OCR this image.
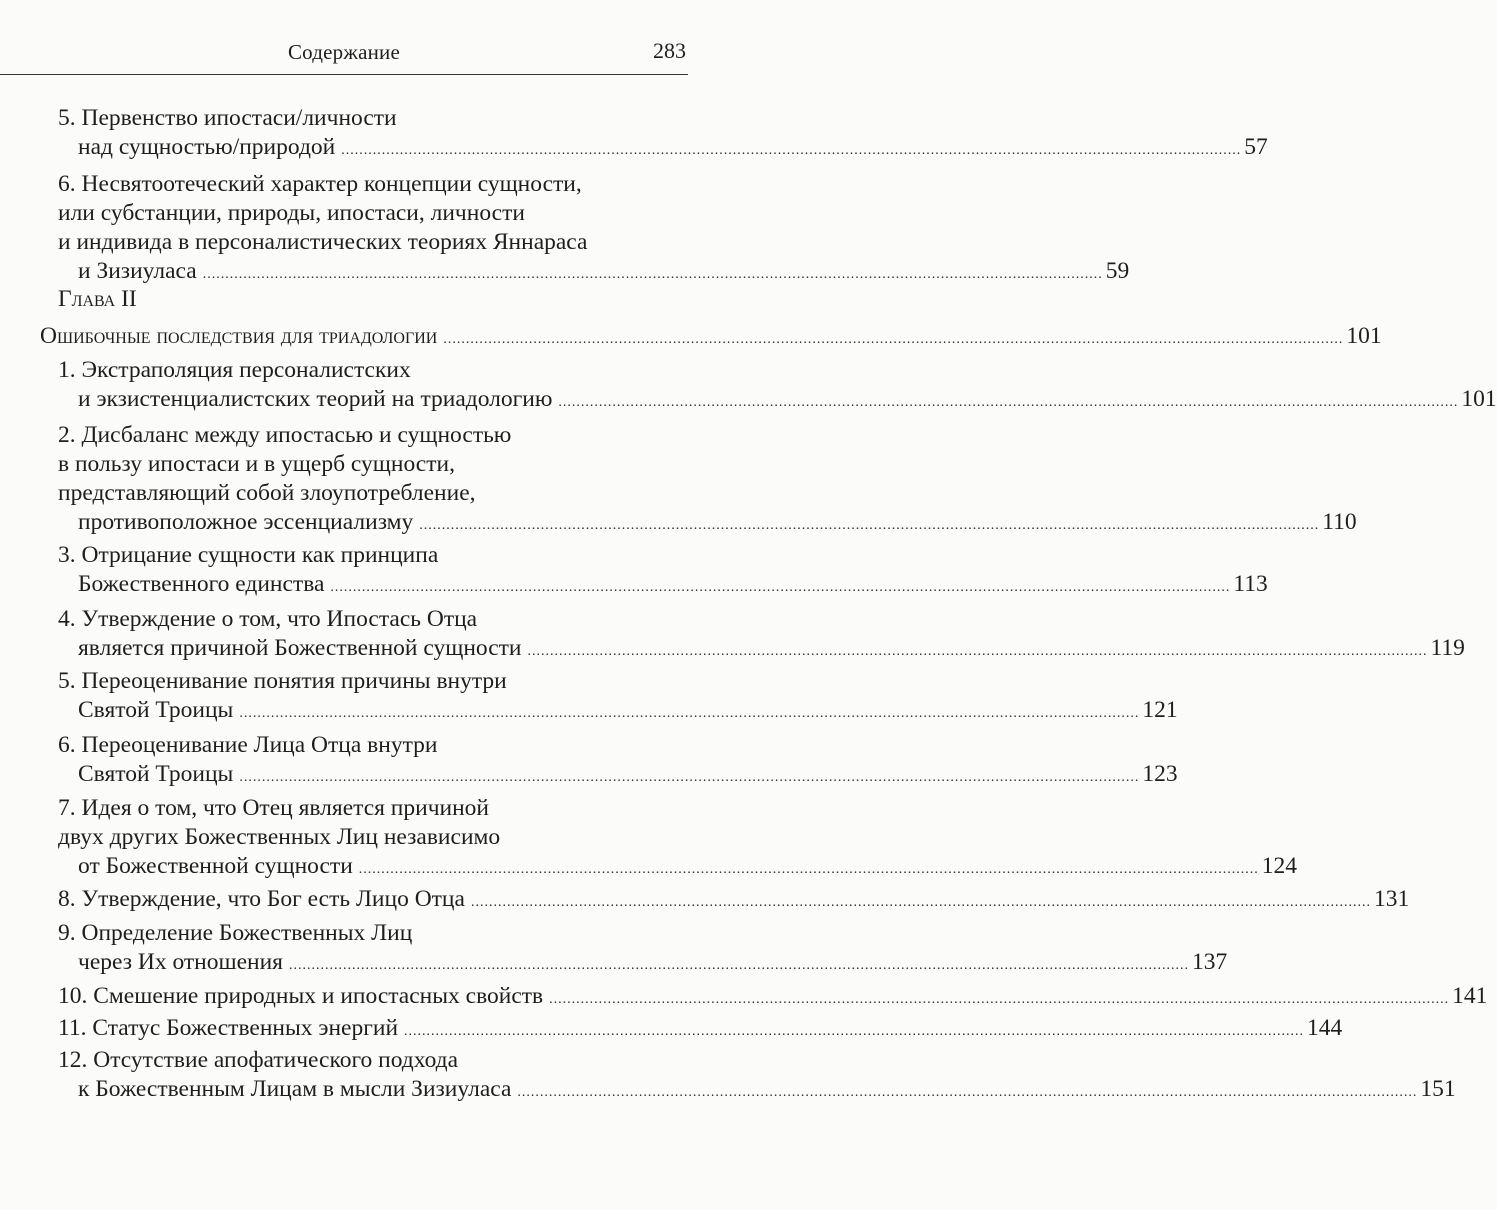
Содержание	283
Глава II
5. Первенство ипостаси/личности
над сущностью/природой ........................................................................................................................................................................................................ 57
6. Несвятоотеческий характер концепции сущности,
или субстанции, природы, ипостаси, личности
и индивида в персоналистических теориях Яннараса
и Зизиуласа ........................................................................................................................................................................................................ 59
Ошибочные последствия для триадологии ........................................................................................................................................................................................................ 101
1. Экстраполяция персоналистских
и экзистенциалистских теорий на триадологию ........................................................................................................................................................................................................ 101
2. Дисбаланс между ипостасью и сущностью
в пользу ипостаси и в ущерб сущности,
представляющий собой злоупотребление,
противоположное эссенциализму ........................................................................................................................................................................................................ 110
3. Отрицание сущности как принципа
Божественного единства ........................................................................................................................................................................................................ 113
4. Утверждение о том, что Ипостась Отца
является причиной Божественной сущности ........................................................................................................................................................................................................ 119
5. Переоценивание понятия причины внутри
Святой Троицы ........................................................................................................................................................................................................ 121
6. Переоценивание Лица Отца внутри
Святой Троицы ........................................................................................................................................................................................................ 123
7. Идея о том, что Отец является причиной
двух других Божественных Лиц независимо
от Божественной сущности ........................................................................................................................................................................................................ 124
8. Утверждение, что Бог есть Лицо Отца ........................................................................................................................................................................................................ 131
9. Определение Божественных Лиц
через Их отношения ........................................................................................................................................................................................................ 137
10. Смешение природных и ипостасных свойств ........................................................................................................................................................................................................ 141
11. Статус Божественных энергий ........................................................................................................................................................................................................ 144
12. Отсутствие апофатического подхода
к Божественным Лицам в мысли Зизиуласа ........................................................................................................................................................................................................ 151
